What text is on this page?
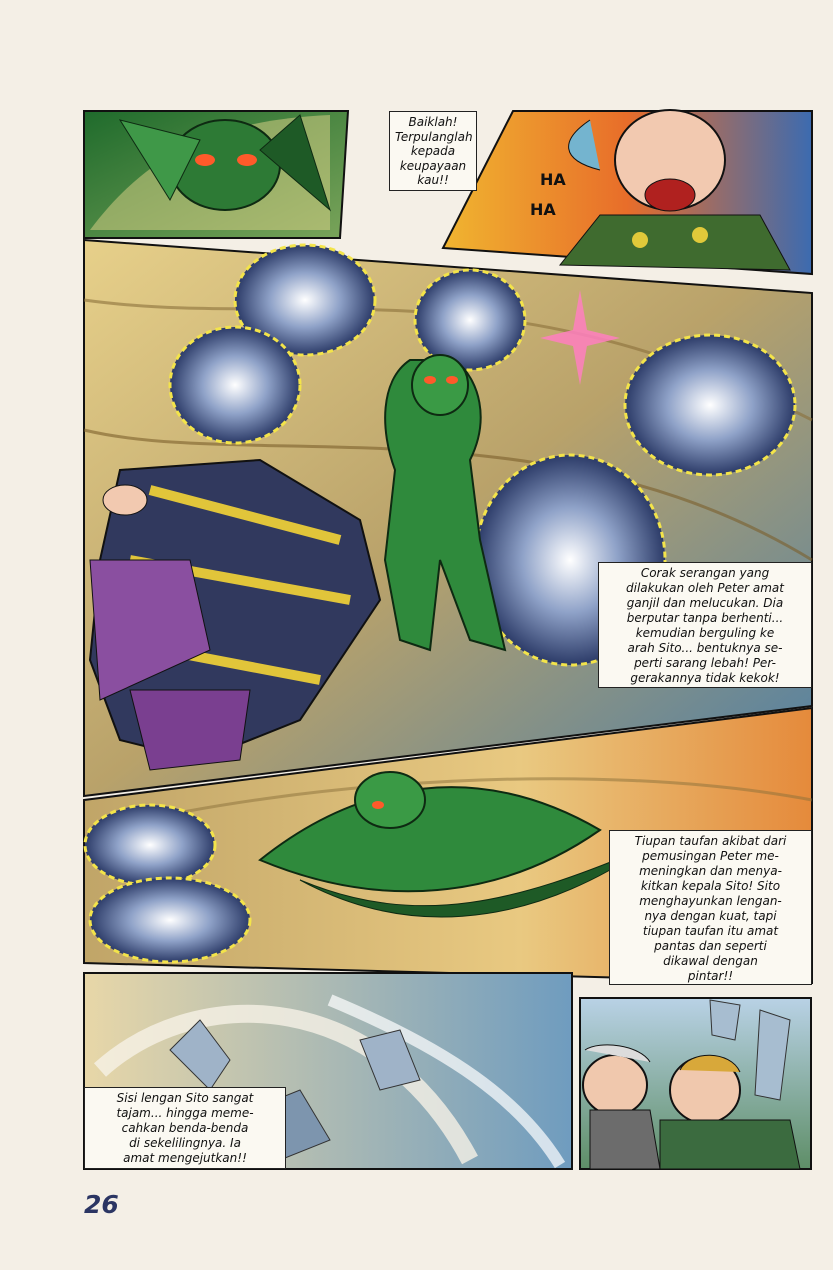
HA
HA
Baiklah!
Terpulanglah
kepada
keupayaan
kau!!
Corak serangan yang
dilakukan oleh Peter amat
ganjil dan melucukan. Dia
berputar tanpa berhenti...
kemudian berguling ke
arah Sito... bentuknya se-
perti sarang lebah! Per-
gerakannya tidak kekok!
Tiupan taufan akibat dari
pemusingan Peter me-
meningkan dan menya-
kitkan kepala Sito! Sito
menghayunkan lengan-
nya dengan kuat, tapi
tiupan taufan itu amat
pantas dan seperti
dikawal dengan
pintar!!
Sisi lengan Sito sangat
tajam... hingga meme-
cahkan benda-benda
di sekelilingnya. Ia
amat mengejutkan!!
26
